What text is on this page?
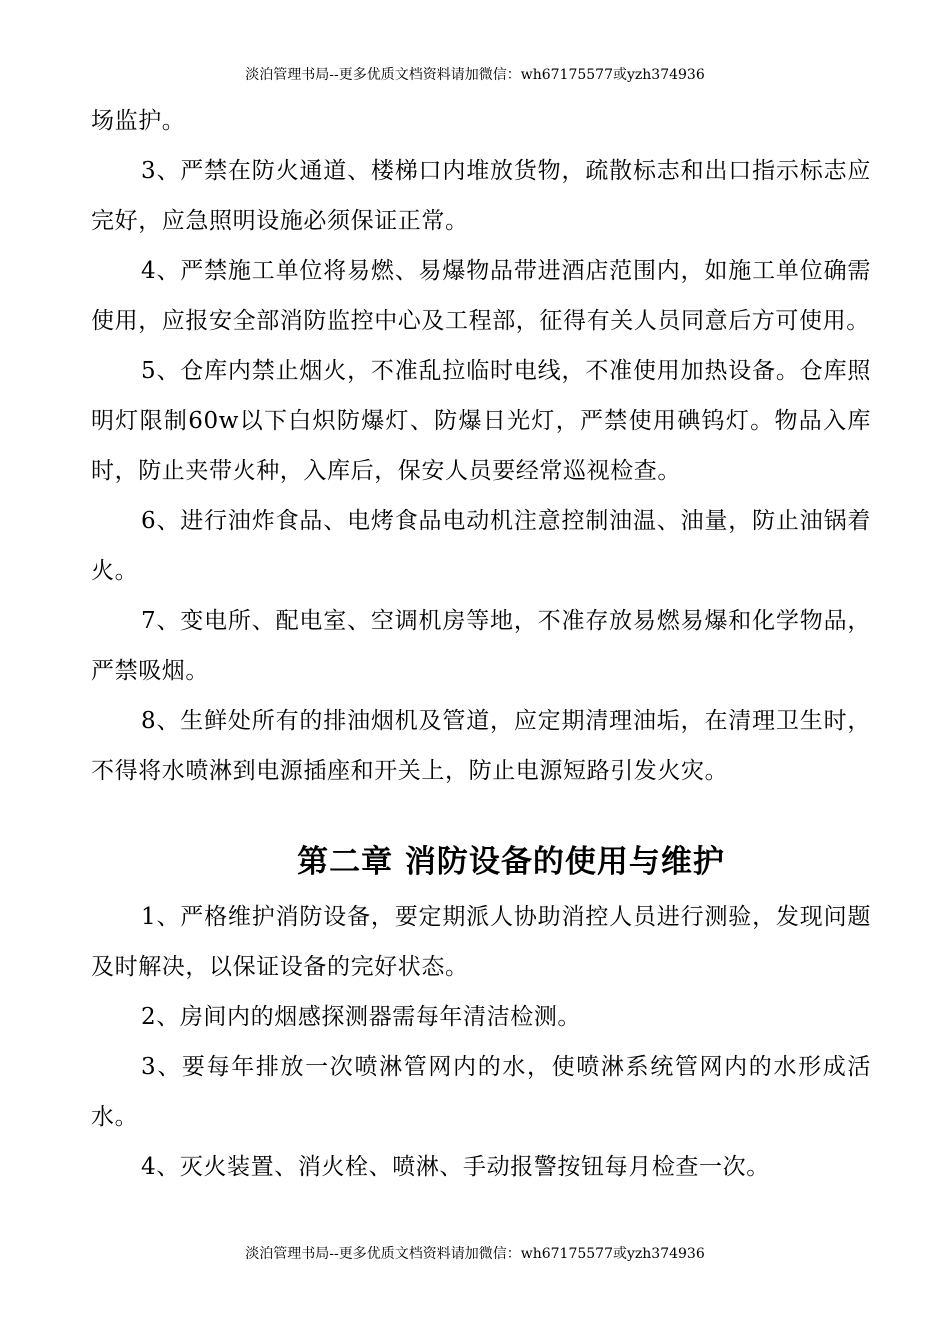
淡泊管理书局--更多优质文档资料请加微信：wh67175577或yzh374936

场监护。

3、严禁在防火通道、楼梯口内堆放货物，疏散标志和出口指示标志应完好，应急照明设施必须保证正常。

4、严禁施工单位将易燃、易爆物品带进酒店范围内，如施工单位确需使用，应报安全部消防监控中心及工程部，征得有关人员同意后方可使用。

5、仓库内禁止烟火，不准乱拉临时电线，不准使用加热设备。仓库照明灯限制60w以下白炽防爆灯、防爆日光灯，严禁使用碘钨灯。物品入库时，防止夹带火种，入库后，保安人员要经常巡视检查。

6、进行油炸食品、电烤食品电动机注意控制油温、油量，防止油锅着火。

7、变电所、配电室、空调机房等地，不准存放易燃易爆和化学物品，严禁吸烟。

8、生鲜处所有的排油烟机及管道，应定期清理油垢，在清理卫生时，不得将水喷淋到电源插座和开关上，防止电源短路引发火灾。

第二章 消防设备的使用与维护

1、严格维护消防设备，要定期派人协助消控人员进行测验，发现问题及时解决，以保证设备的完好状态。

2、房间内的烟感探测器需每年清洁检测。

3、要每年排放一次喷淋管网内的水，使喷淋系统管网内的水形成活水。

4、灭火装置、消火栓、喷淋、手动报警按钮每月检查一次。

淡泊管理书局--更多优质文档资料请加微信：wh67175577或yzh374936
